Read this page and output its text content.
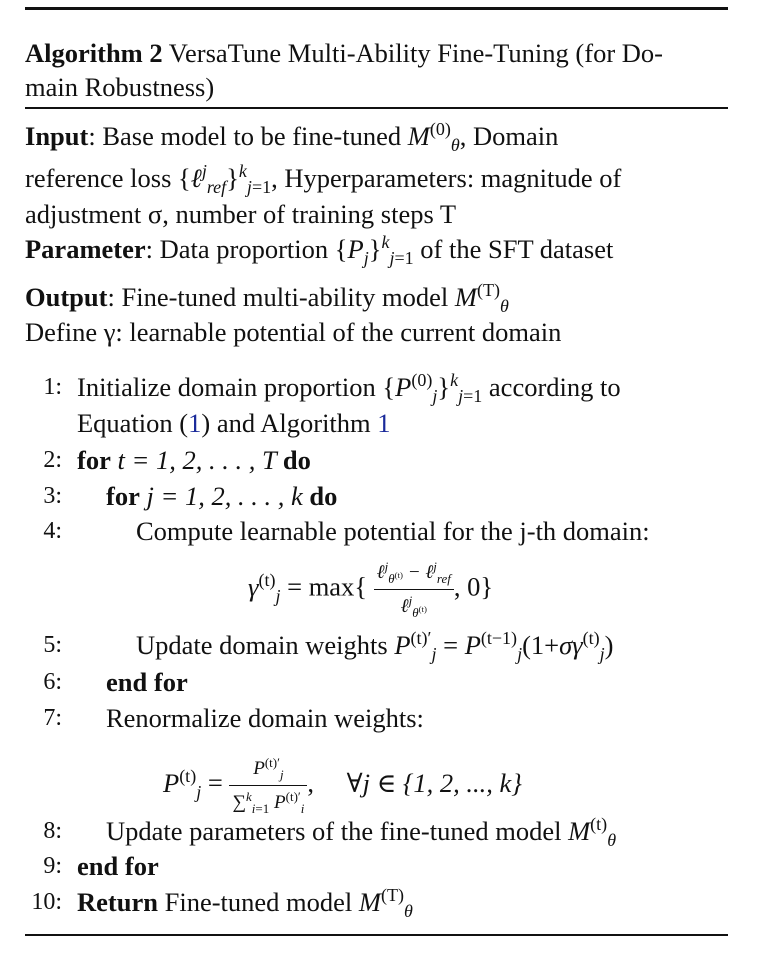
Algorithm 2 VersaTune Multi-Ability Fine-Tuning (for Do-
main Robustness)
Input: Base model to be fine-tuned $M^{(0)}_\theta$, Domain
reference loss {ℓ$^j_{ref}$}$^k_{j=1}$, Hyperparameters: magnitude of
adjustment σ, number of training steps T
Parameter: Data proportion $\{P_j\}^k_{j=1}$ of the SFT dataset
Output: Fine-tuned multi-ability model $M^{(T)}_\theta$
Define γ: learnable potential of the current domain
1: Initialize domain proportion $\{P^{(0)}_j\}^k_{j=1}$ according to
Equation (1) and Algorithm 1
2: for t = 1, 2, . . . , T do
3: for j = 1, 2, . . . , k do
4:	Compute learnable potential for the j-th domain:
$\gamma^{(t)}_j = \max\{ \frac{\ell^j_{\theta^{(t)}} - \ell^j_{ref}}{\ell^j_{\theta^{(t)}}}$ , 0}
5:	Update domain weights $P^{(t)'}_j = P^{(t-1)}_j(1+\sigma\gamma^{(t)}_j)$
6: end for
7: Renormalize domain weights:
$P^{(t)}_j = \frac{P^{(t)'}_j}{\sum^k_{i=1} P^{(t)'}_i}$ , ∀j ∈ {1, 2, ..., k}
8: Update parameters of the fine-tuned model $M^{(t)}_\theta$
9: end for
10: Return Fine-tuned model $M^{(T)}_\theta$
